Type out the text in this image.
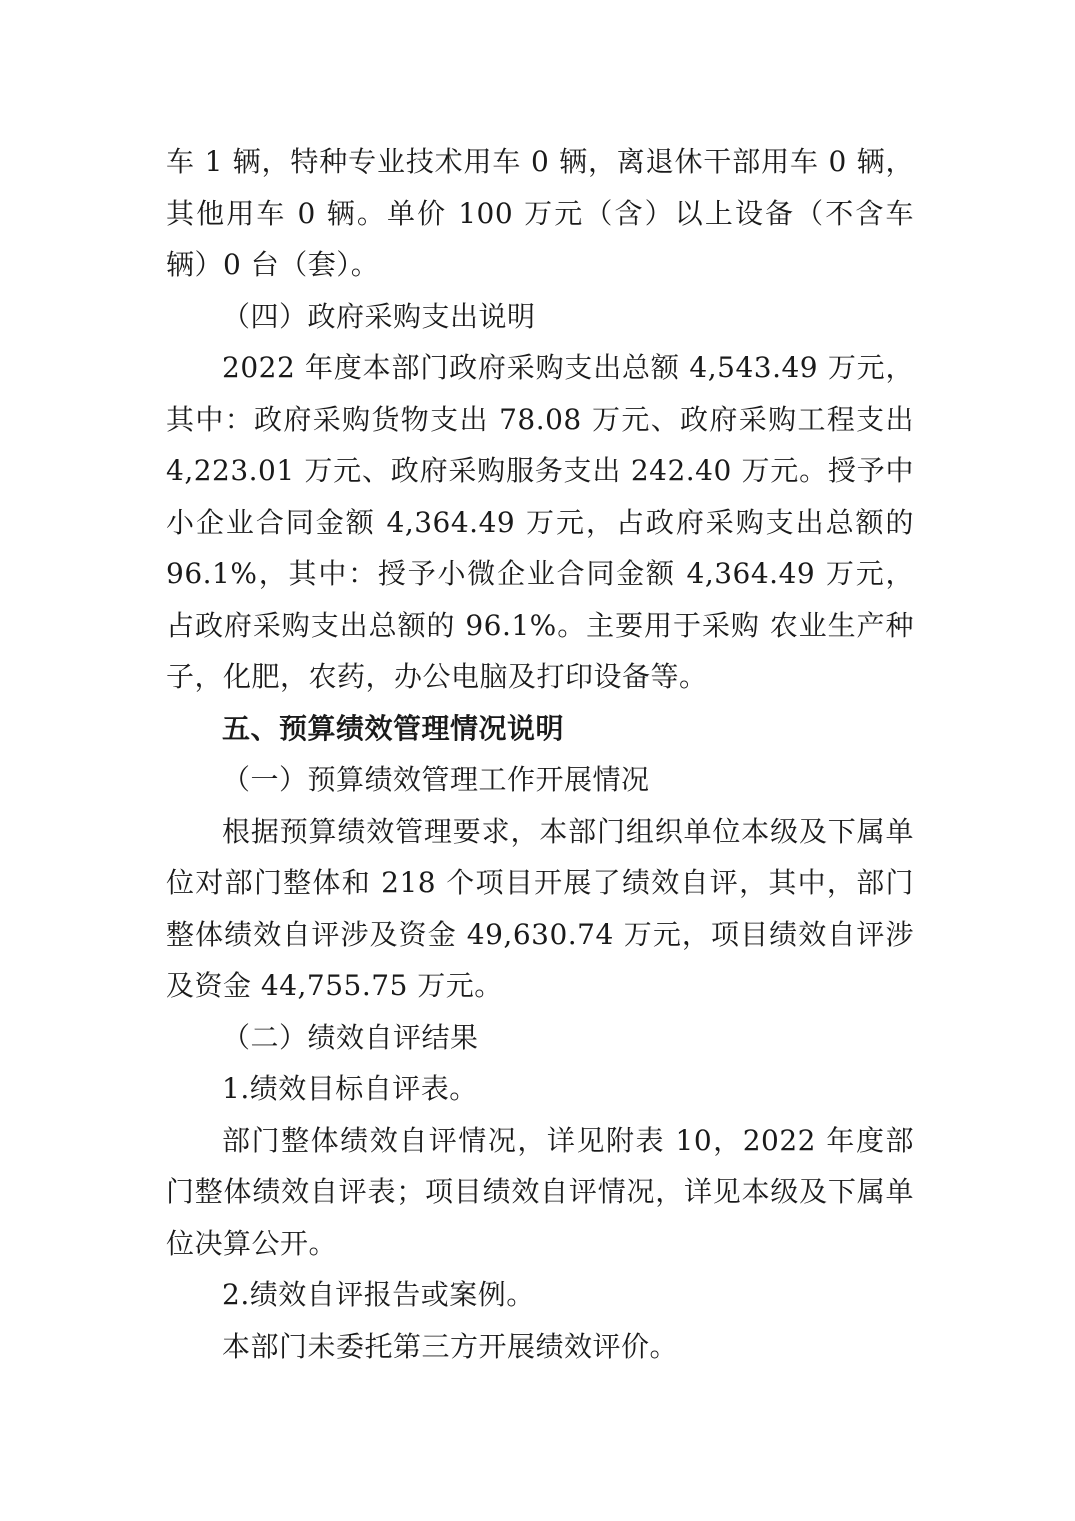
车 1 辆，特种专业技术用车 0 辆，离退休干部用车 0 辆，其他用车 0 辆。单价 100 万元（含）以上设备（不含车辆）0 台（套）。

（四）政府采购支出说明

2022 年度本部门政府采购支出总额 4,543.49 万元，其中：政府采购货物支出 78.08 万元、政府采购工程支出 4,223.01 万元、政府采购服务支出 242.40 万元。授予中小企业合同金额 4,364.49 万元，占政府采购支出总额的 96.1%，其中：授予小微企业合同金额 4,364.49 万元，占政府采购支出总额的 96.1%。主要用于采购 农业生产种子，化肥，农药，办公电脑及打印设备等。

五、预算绩效管理情况说明

（一）预算绩效管理工作开展情况

根据预算绩效管理要求，本部门组织单位本级及下属单位对部门整体和 218 个项目开展了绩效自评，其中，部门整体绩效自评涉及资金 49,630.74 万元，项目绩效自评涉及资金 44,755.75 万元。

（二）绩效自评结果

1.绩效目标自评表。

部门整体绩效自评情况，详见附表 10，2022 年度部门整体绩效自评表；项目绩效自评情况，详见本级及下属单位决算公开。

2.绩效自评报告或案例。

本部门未委托第三方开展绩效评价。
